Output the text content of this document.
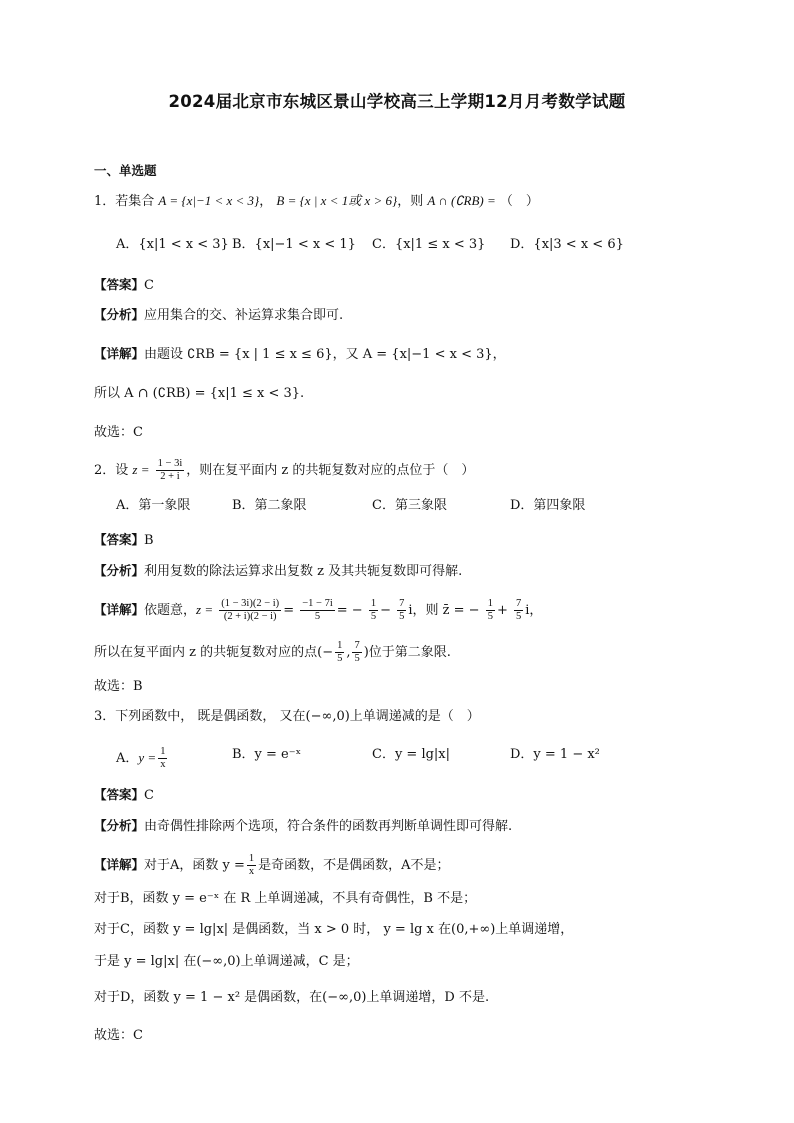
2024届北京市东城区景山学校高三上学期12月月考数学试题
一、单选题
1．若集合 A = {x|−1 < x < 3}， B = {x | x < 1或 x > 6}，则 A ∩ (∁RB) = （　）
A．{x|1 < x < 3} B．{x|−1 < x < 1} C．{x|1 ≤ x < 3} D．{x|3 < x < 6}
【答案】C
【分析】应用集合的交、补运算求集合即可.
【详解】由题设 ∁RB = {x | 1 ≤ x ≤ 6}，又 A = {x|−1 < x < 3}，
所以 A ∩ (∁RB) = {x|1 ≤ x < 3}.
故选：C
2．设 $z = \frac{1 - 3i}{2 + i}$ ，则在复平面内 z 的共轭复数对应的点位于（　）
A．第一象限	B．第二象限	C．第三象限	D．第四象限
【答案】B
【分析】利用复数的除法运算求出复数 z 及其共轭复数即可得解.
【详解】依题意，$z = \frac{(1 - 3i)(2 - i)}{(2 + i)(2 - i)} = \frac{-1 - 7i}{5}$ = − $\frac{1}{5} - \frac{7}{5}$ i，则 z̄ = − $\frac{1}{5} + \frac{7}{5}$ i，
所以在复平面内 z 的共轭复数对应的点(− $\frac{1}{5}$ , $\frac{7}{5}$ )位于第二象限.
故选：B
3．下列函数中， 既是偶函数， 又在(−∞,0)上单调递减的是（　）
A．$y = \frac{1}{x}$	B．y = e⁻ˣ	C．y = lg|x|	D．y = 1 − x²
【答案】C
【分析】由奇偶性排除两个选项，符合条件的函数再判断单调性即可得解.
【详解】对于A，函数 $y = \frac{1}{x}$ 是奇函数，不是偶函数，A不是；
对于B，函数 y = e⁻ˣ 在 R 上单调递减，不具有奇偶性，B 不是；
对于C，函数 y = lg|x| 是偶函数，当 x > 0 时， y = lg x 在(0,+∞)上单调递增，
于是 y = lg|x| 在(−∞,0)上单调递减，C 是；
对于D，函数 y = 1 − x² 是偶函数，在(−∞,0)上单调递增，D 不是.
故选：C
